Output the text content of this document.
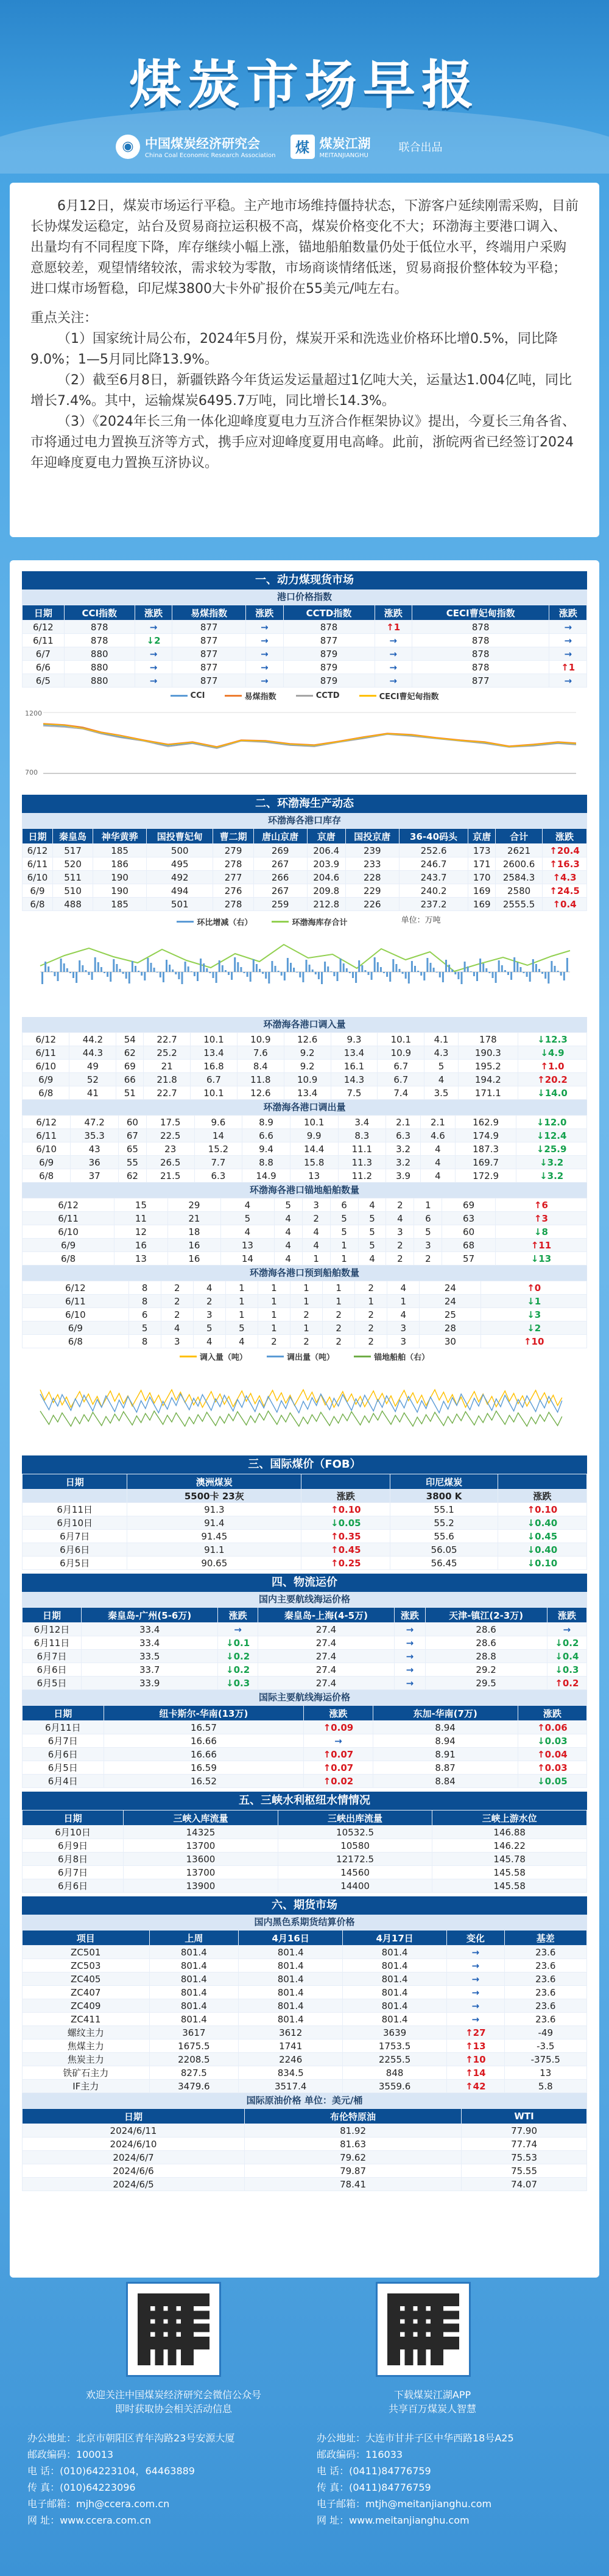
煤炭市场早报
◉ 中国煤炭经济研究会
China Coal Economic Research Association	煤 煤炭江湖
MEITANJIANGHU
联合出品

6月12日，煤炭市场运行平稳。主产地市场维持僵持状态，下游客户延续刚需采购，目前长协煤发运稳定，站台及贸易商拉运积极不高，煤炭价格变化不大；环渤海主要港口调入、出量均有不同程度下降，库存继续小幅上涨，锚地船舶数量仍处于低位水平，终端用户采购意愿较差，观望情绪较浓，需求较为零散，市场商谈情绪低迷，贸易商报价整体较为平稳；进口煤市场暂稳，印尼煤3800大卡外矿报价在55美元/吨左右。

重点关注：

（1）国家统计局公布，2024年5月份，煤炭开采和洗选业价格环比增0.5%，同比降9.0%；1—5月同比降13.9%。

（2）截至6月8日，新疆铁路今年货运发运量超过1亿吨大关，运量达1.004亿吨，同比增长7.4%。其中，运输煤炭6495.7万吨，同比增长14.3%。

（3）《2024年长三角一体化迎峰度夏电力互济合作框架协议》提出，今夏长三角各省、市将通过电力置换互济等方式，携手应对迎峰度夏用电高峰。此前，浙皖两省已经签订2024年迎峰度夏电力置换互济协议。

一、动力煤现货市场
港口价格指数
日期	CCI指数	涨跌	易煤指数	涨跌	CCTD指数	涨跌	CECI曹妃甸指数	涨跌
6/12	878	→	877	→	878	↑1	878	→
6/11	878	↓2	877	→	877	→	878	→
6/7	880	→	877	→	879	→	878	→
6/6	880	→	877	→	879	→	878	↑1
6/5	880	→	877	→	879	→	877	→
CCI
	易煤指数
	CCTD
	CECI曹妃甸指数
1200
700
二、环渤海生产动态
环渤海各港口库存
日期	秦皇岛	神华黄骅	国投曹妃甸	曹二期	唐山京唐	京唐	国投京唐	36-40码头	京唐	合计	涨跌
6/12	517	185	500	279	269	206.4	239	252.6	173	2621	↑20.4
6/11	520	186	495	278	267	203.9	233	246.7	171	2600.6	↑16.3
6/10	511	190	492	277	266	204.6	228	243.7	170	2584.3	↑4.3
6/9	510	190	494	276	267	209.8	229	240.2	169	2580	↑24.5
6/8	488	185	501	278	259	212.8	226	237.2	169	2555.5	↑0.4
环比增减（右）
	环渤海库存合计	单位：万吨
环渤海各港口调入量
6/12	44.2	54	22.7	10.1	10.9	12.6	9.3	10.1	4.1	178	↓12.3
6/11	44.3	62	25.2	13.4	7.6	9.2	13.4	10.9	4.3	190.3	↓4.9
6/10	49	69	21	16.8	8.4	9.2	16.1	6.7	5	195.2	↑1.0
6/9	52	66	21.8	6.7	11.8	10.9	14.3	6.7	4	194.2	↑20.2
6/8	41	51	22.7	10.1	12.6	13.4	7.5	7.4	3.5	171.1	↓14.0
环渤海各港口调出量
6/12	47.2	60	17.5	9.6	8.9	10.1	3.4	2.1	2.1	162.9	↓12.0
6/11	35.3	67	22.5	14	6.6	9.9	8.3	6.3	4.6	174.9	↓12.4
6/10	43	65	23	15.2	9.4	14.4	11.1	3.2	4	187.3	↓25.9
6/9	36	55	26.5	7.7	8.8	15.8	11.3	3.2	4	169.7	↓3.2
6/8	37	62	21.5	6.3	14.9	13	11.2	3.9	4	172.9	↓3.2
环渤海各港口锚地船舶数量
6/12	15	29	4	5	3	6	4	2	1	69	↑6
6/11	11	21	5	4	2	5	5	4	6	63	↑3
6/10	12	18	4	4	4	5	5	3	5	60	↓8
6/9	16	16	13	4	4	1	5	2	3	68	↑11
6/8	13	16	14	4	1	1	4	2	2	57	↓13
环渤海各港口预到船舶数量
6/12	8	2	4	1	1	1	1	2	4	24	↑0
6/11	8	2	2	1	1	1	1	1	1	24	↓1
6/10	6	2	3	1	1	2	2	2	4	25	↓3
6/9	5	4	5	5	1	1	2	2	3	28	↓2
6/8	8	3	4	4	2	2	2	2	3	30	↑10
调入量（吨）
	调出量（吨）
	锚地船舶（右）
三、国际煤价（FOB）
日期	澳洲煤炭		印尼煤炭	
	5500卡 23灰	涨跌	3800 K	涨跌
6月11日	91.3	↑0.10	55.1	↑0.10
6月10日	91.4	↓0.05	55.2	↓0.40
6月7日	91.45	↑0.35	55.6	↓0.45
6月6日	91.1	↑0.45	56.05	↓0.40
6月5日	90.65	↑0.25	56.45	↓0.10
四、物流运价
国内主要航线海运价格
日期	秦皇岛-广州(5-6万)	涨跌	秦皇岛-上海(4-5万)	涨跌	天津-镇江(2-3万)	涨跌
6月12日	33.4	→	27.4	→	28.6	→
6月11日	33.4	↓0.1	27.4	→	28.6	↓0.2
6月7日	33.5	↓0.2	27.4	→	28.8	↓0.4
6月6日	33.7	↓0.2	27.4	→	29.2	↓0.3
6月5日	33.9	↓0.3	27.4	→	29.5	↑0.2
国际主要航线海运价格
日期	纽卡斯尔-华南(13万)	涨跌	东加-华南(7万)	涨跌
6月11日	16.57	↑0.09	8.94	↑0.06
6月7日	16.66	→	8.94	↓0.03
6月6日	16.66	↑0.07	8.91	↑0.04
6月5日	16.59	↑0.07	8.87	↑0.03
6月4日	16.52	↑0.02	8.84	↓0.05
五、三峡水利枢纽水情情况
日期	三峡入库流量	三峡出库流量	三峡上游水位
6月10日	14325	10532.5	146.88
6月9日	13700	10580	146.22
6月8日	13600	12172.5	145.78
6月7日	13700	14560	145.58
6月6日	13900	14400	145.58
六、期货市场
国内黑色系期货结算价格
项目	上周	4月16日	4月17日	变化	基差
ZC501	801.4	801.4	801.4	→	23.6
ZC503	801.4	801.4	801.4	→	23.6
ZC405	801.4	801.4	801.4	→	23.6
ZC407	801.4	801.4	801.4	→	23.6
ZC409	801.4	801.4	801.4	→	23.6
ZC411	801.4	801.4	801.4	→	23.6
螺纹主力	3617	3612	3639	↑27	-49
焦煤主力	1675.5	1741	1753.5	↑13	-3.5
焦炭主力	2208.5	2246	2255.5	↑10	-375.5
铁矿石主力	827.5	834.5	848	↑14	13
IF主力	3479.6	3517.4	3559.6	↑42	5.8
国际原油价格 单位：美元/桶
日期	布伦特原油	WTI
2024/6/11	81.92	77.90
2024/6/10	81.63	77.74
2024/6/7	79.62	75.53
2024/6/6	79.87	75.55
2024/6/5	78.41	74.07
欢迎关注中国煤炭经济研究会微信公众号
即时获取协会相关活动信息
下载煤炭江湖APP
共享百万煤炭人智慧
办公地址：北京市朝阳区青年沟路23号安源大厦
邮政编码：100013
电 话：(010)64223104，64463889
传 真：(010)64223096
电子邮箱：mjh@ccera.com.cn
网 址：www.ccera.com.cn
办公地址：大连市甘井子区中华西路18号A25
邮政编码：116033
电 话：(0411)84776759
传 真：(0411)84776759
电子邮箱：mtjh@meitanjianghu.com
网 址：www.meitanjianghu.com
